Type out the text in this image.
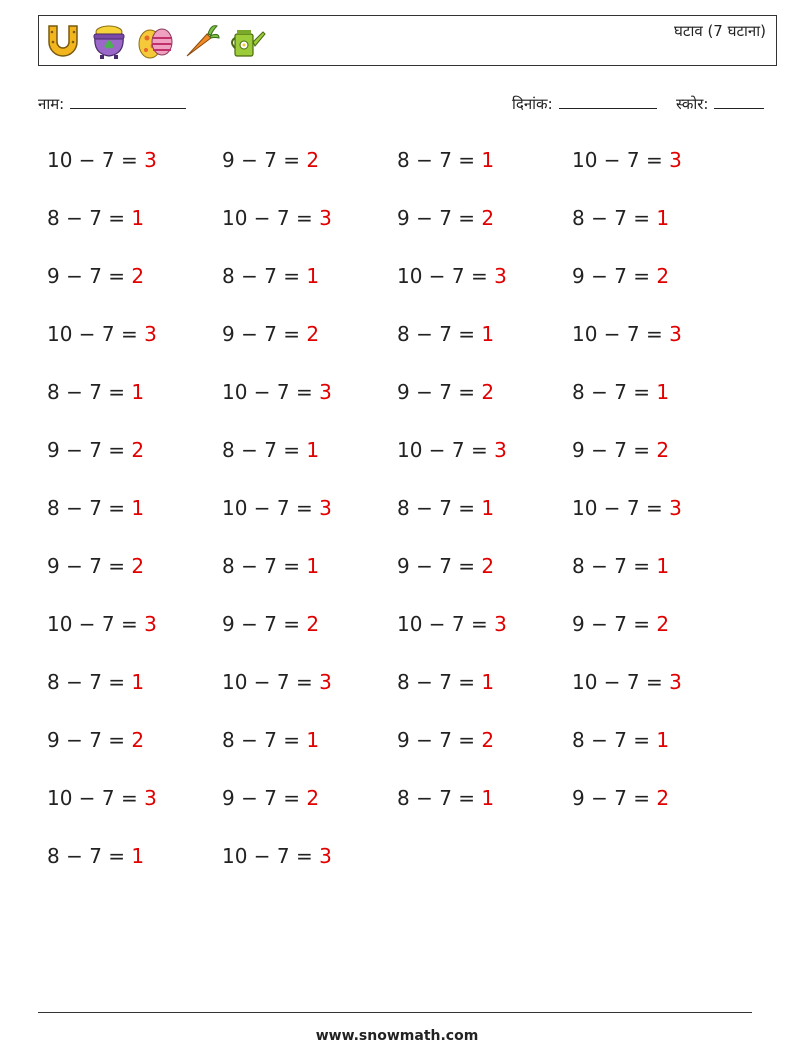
घटाव (7 घटाना)
नाम:	दिनांक:	स्कोर:
10 − 7 = 3	9 − 7 = 2	8 − 7 = 1	10 − 7 = 3
8 − 7 = 1	10 − 7 = 3	9 − 7 = 2	8 − 7 = 1
9 − 7 = 2	8 − 7 = 1	10 − 7 = 3	9 − 7 = 2
10 − 7 = 3	9 − 7 = 2	8 − 7 = 1	10 − 7 = 3
8 − 7 = 1	10 − 7 = 3	9 − 7 = 2	8 − 7 = 1
9 − 7 = 2	8 − 7 = 1	10 − 7 = 3	9 − 7 = 2
8 − 7 = 1	10 − 7 = 3	8 − 7 = 1	10 − 7 = 3
9 − 7 = 2	8 − 7 = 1	9 − 7 = 2	8 − 7 = 1
10 − 7 = 3	9 − 7 = 2	10 − 7 = 3	9 − 7 = 2
8 − 7 = 1	10 − 7 = 3	8 − 7 = 1	10 − 7 = 3
9 − 7 = 2	8 − 7 = 1	9 − 7 = 2	8 − 7 = 1
10 − 7 = 3	9 − 7 = 2	8 − 7 = 1	9 − 7 = 2
8 − 7 = 1	10 − 7 = 3
www.snowmath.com
